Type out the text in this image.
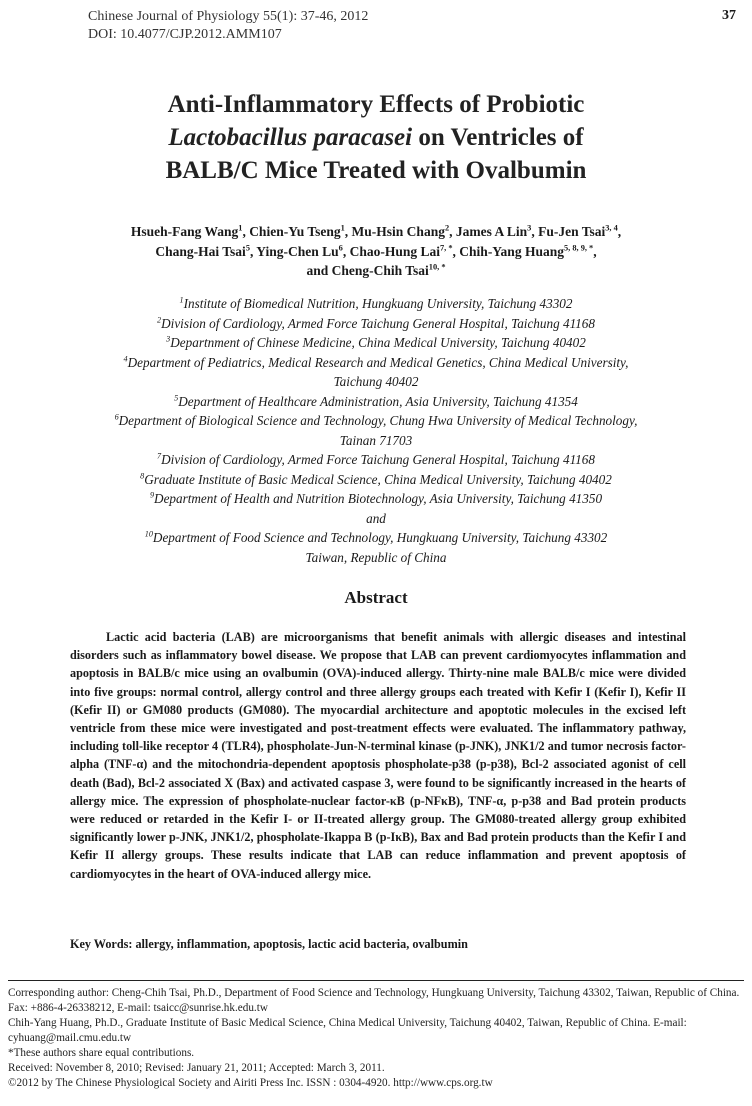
Chinese Journal of Physiology 55(1): 37-46, 2012
DOI: 10.4077/CJP.2012.AMM107
37
Anti-Inflammatory Effects of Probiotic
Lactobacillus paracasei on Ventricles of
BALB/C Mice Treated with Ovalbumin
Hsueh-Fang Wang$^1$, Chien-Yu Tseng$^1$, Mu-Hsin Chang$^2$, James A Lin$^3$, Fu-Jen Tsai$^{3, 4}$,
Chang-Hai Tsai$^5$, Ying-Chen Lu$^6$, Chao-Hung Lai$^{7, *}$, Chih-Yang Huang$^{5, 8, 9, *}$,
and Cheng-Chih Tsai$^{10, *}$
$^1$Institute of Biomedical Nutrition, Hungkuang University, Taichung 43302
$^2$Division of Cardiology, Armed Force Taichung General Hospital, Taichung 41168
$^3$Departnment of Chinese Medicine, China Medical University, Taichung 40402
$^4$Department of Pediatrics, Medical Research and Medical Genetics, China Medical University,
Taichung 40402
$^5$Department of Healthcare Administration, Asia University, Taichung 41354
$^6$Department of Biological Science and Technology, Chung Hwa University of Medical Technology,
Tainan 71703
$^7$Division of Cardiology, Armed Force Taichung General Hospital, Taichung 41168
$^8$Graduate Institute of Basic Medical Science, China Medical University, Taichung 40402
$^9$Department of Health and Nutrition Biotechnology, Asia University, Taichung 41350
and
$^{10}$Department of Food Science and Technology, Hungkuang University, Taichung 43302
Taiwan, Republic of China
Abstract
Lactic acid bacteria (LAB) are microorganisms that benefit animals with allergic diseases and intestinal disorders such as inflammatory bowel disease. We propose that LAB can prevent cardiomyocytes inflammation and apoptosis in BALB/c mice using an ovalbumin (OVA)-induced allergy. Thirty-nine male BALB/c mice were divided into five groups: normal control, allergy control and three allergy groups each treated with Kefir I (Kefir I), Kefir II (Kefir II) or GM080 products (GM080). The myocardial architecture and apoptotic molecules in the excised left ventricle from these mice were investigated and post-treatment effects were evaluated. The inflammatory pathway, including toll-like receptor 4 (TLR4), phospholate-Jun-N-terminal kinase (p-JNK), JNK1/2 and tumor necrosis factor-alpha (TNF-α) and the mitochondria-dependent apoptosis phospholate-p38 (p-p38), Bcl-2 associated agonist of cell death (Bad), Bcl-2 associated X (Bax) and activated caspase 3, were found to be significantly increased in the hearts of allergy mice. The expression of phospholate-nuclear factor-κB (p-NFκB), TNF-α, p-p38 and Bad protein products were reduced or retarded in the Kefir I- or II-treated allergy group. The GM080-treated allergy group exhibited significantly lower p-JNK, JNK1/2, phospholate-Ikappa B (p-IκB), Bax and Bad protein products than the Kefir I and Kefir II allergy groups. These results indicate that LAB can reduce inflammation and prevent apoptosis of cardiomyocytes in the heart of OVA-induced allergy mice.
Key Words: allergy, inflammation, apoptosis, lactic acid bacteria, ovalbumin
Corresponding author: Cheng-Chih Tsai, Ph.D., Department of Food Science and Technology, Hungkuang University, Taichung 43302, Taiwan, Republic of China. Fax: +886-4-26338212, E-mail: tsaicc@sunrise.hk.edu.tw
Chih-Yang Huang, Ph.D., Graduate Institute of Basic Medical Science, China Medical University, Taichung 40402, Taiwan, Republic of China. E-mail: cyhuang@mail.cmu.edu.tw
*These authors share equal contributions.
Received: November 8, 2010; Revised: January 21, 2011; Accepted: March 3, 2011.
©2012 by The Chinese Physiological Society and Airiti Press Inc. ISSN : 0304-4920. http://www.cps.org.tw
